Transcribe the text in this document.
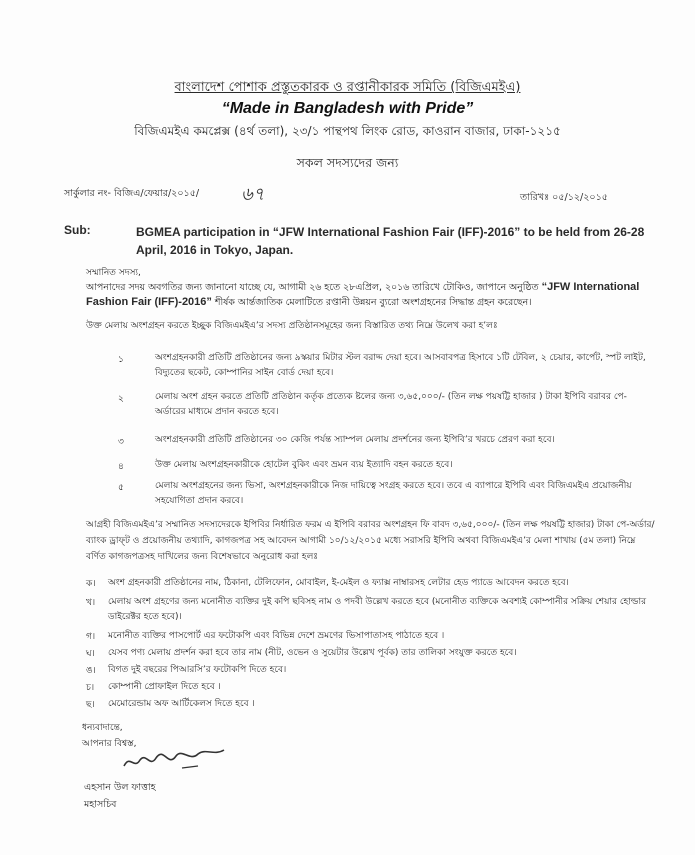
বাংলাদেশ পোশাক প্রস্তুতকারক ও রপ্তানীকারক সমিতি (বিজিএমইএ)
“Made in Bangladesh with Pride”
বিজিএমইএ কমপ্লেক্স (৪র্থ তলা), ২৩/১ পান্থপথ লিংক রোড, কাওরান বাজার, ঢাকা-১২১৫
সকল সদস্যদের জন্য
সার্কুলার নং- বিজিএ/ফেয়ার/২০১৫/ ৬৭	তারিখঃ ০৫/১২/২০১৫
Sub:	BGMEA participation in “JFW International Fashion Fair (IFF)-2016” to be held from 26-28 April, 2016 in Tokyo, Japan.
সম্মানিত সদস্য,
আপনাদের সদয় অবগতির জন্য জানানো যাচ্ছে যে, আগামী ২৬ হতে ২৮এপ্রিল, ২০১৬ তারিখে টোকিও, জাপানে অনুষ্ঠিত “JFW International Fashion Fair (IFF)-2016” শীর্ষক আর্ন্তজাতিক মেলাটিতে রপ্তানী উন্নয়ন ব্যুরো অংশগ্রহনের সিদ্ধান্ত গ্রহন করেছেন।
উক্ত মেলায় অংশগ্রহন করতে ইচ্ছুক বিজিএমইএ’র সদস্য প্রতিষ্ঠানসমূহের জন্য বিস্তারিত তথ্য নিম্নে উলেখ করা হ’লঃ
১	অংশগ্রহনকারী প্রতিটি প্রতিষ্ঠানের জন্য ৯স্কয়ার মিটার স্টল বরাদ্দ দেয়া হবে। আসবাবপত্র হিসাবে ১টি টেবিল, ২ চেয়ার, কার্পেট, স্পট লাইট, বিদ্যুতের ছকেট, কোম্পানির সাইন বোর্ড দেয়া হবে।
২	মেলায় অংশ গ্রহন করতে প্রতিটি প্রতিষ্ঠান কর্তৃক প্রত্যেক ষ্টলের জন্য ৩,৬৫,০০০/- (তিন লক্ষ পয়ষট্টি হাজার ) টাকা ইপিবি বরাবর পে-অর্ডারের মাধ্যমে প্রদান করতে হবে।
৩	অংশগ্রহনকারী প্রতিটি প্রতিষ্ঠানের ৩০ কেজি পর্যন্ত স্যাম্পল মেলায় প্রদর্শনের জন্য ইপিবি’র খরচে প্রেরণ করা হবে।
৪	উক্ত মেলায় অংশগ্রহনকারীকে হোটেল বুকিং এবং ভ্রমন ব্যয় ইত্যাদি বহন করতে হবে।
৫	মেলায় অংশগ্রহনের জন্য ভিসা, অংশগ্রহনকারীকে নিজ দায়িত্বে সংগ্রহ করতে হবে। তবে এ ব্যাপারে ইপিবি এবং বিজিএমইএ প্রয়োজনীয় সহযোগিতা প্রদান করবে।
আগ্রহী বিজিএমইএ’র সম্মানিত সদস্যদেরকে ইপিবির নির্ধারিত ফরম এ ইপিবি বরাবর অংশগ্রহন ফি বাবদ ৩,৬৫,০০০/- (তিন লক্ষ পয়ষট্টি হাজার) টাকা পে-অর্ডার/ব্যাংক ড্রাফ্‌ট ও প্রয়োজনীয় তথ্যাদি, কাগজপত্র সহ আবেদন আগামী ১০/১২/২০১৫ মধ্যে সরাসরি ইপিবি অথবা বিজিএমইএ’র মেলা শাখায় (৫ম তলা) নিম্নে বর্ণিত কাগজপত্রসহ দাখিলের জন্য বিশেষভাবে অনুরোধ করা হলঃ
ক। অংশ গ্রহনকারী প্রতিষ্ঠানের নাম, ঠিকানা, টেলিফোন, মোবাইল, ই-মেইল ও ফ্যাক্স নাম্বারসহ লেটার হেড প্যাডে আবেদন করতে হবে।
খ। মেলায় অংশ গ্রহণের জন্য মনোনীত ব্যক্তির দুই কপি ছবিসহ নাম ও পদবী উল্লেখ করতে হবে (মনোনীত ব্যক্তিকে অবশ্যই কোম্পানীর সক্রিয় শেয়ার হোল্ডার ডাইরেক্টর হতে হবে)।
গ। মনোনীত ব্যক্তির পাসপোর্ট এর ফটোকপি এবং বিভিন্ন দেশে ভ্রমণের ভিসাপাতাসহ পাঠাতে হবে ।
ঘ। যেসব পণ্য মেলায় প্রদর্শন করা হবে তার নাম (নীট, ওভেন ও সুয়েটার উল্লেখ পূর্বক) তার তালিকা সংযুক্ত করতে হবে।
ঙ। বিগত দুই বছরের পিআরসি’র ফটোকপি দিতে হবে।
চ। কোম্পানী প্রোফাইল দিতে হবে ।
ছ। মেমোরেন্ডাম অফ আর্টিকেলস দিতে হবে ।
ধন্যবাদান্তে,
আপনার বিশ্বস্ত,
এহসান উল ফাত্তাহ
মহাসচিব
